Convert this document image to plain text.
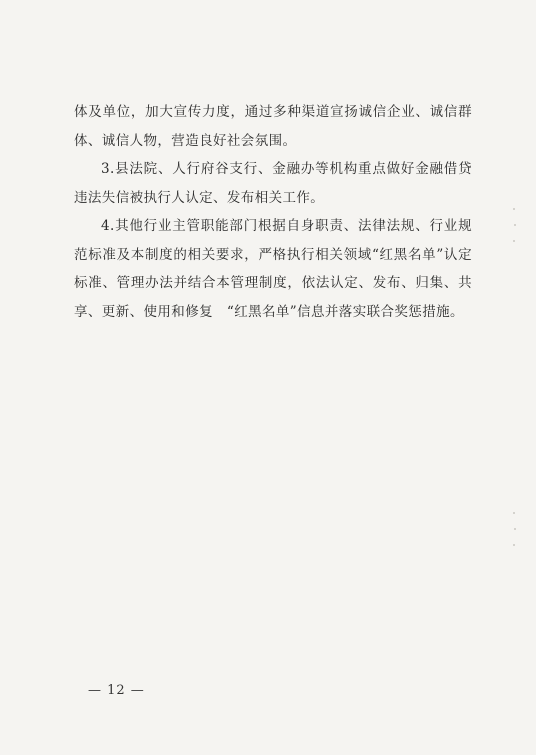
体及单位，加大宣传力度，通过多种渠道宣扬诚信企业、诚信群体、诚信人物，营造良好社会氛围。

3.县法院、人行府谷支行、金融办等机构重点做好金融借贷违法失信被执行人认定、发布相关工作。

4.其他行业主管职能部门根据自身职责、法律法规、行业规范标准及本制度的相关要求，严格执行相关领域“红黑名单”认定标准、管理办法并结合本管理制度，依法认定、发布、归集、共享、更新、使用和修复　“红黑名单”信息并落实联合奖惩措施。

— 12 —
